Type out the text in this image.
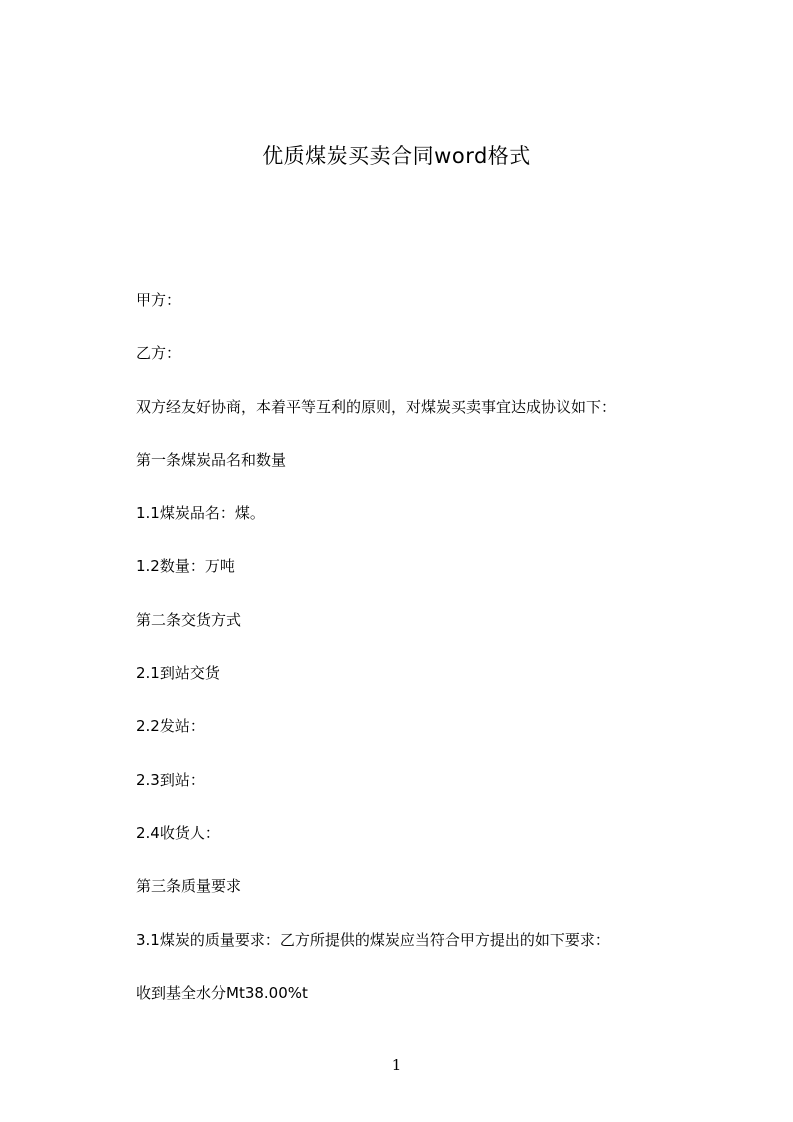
优质煤炭买卖合同word格式
甲方：
乙方：
双方经友好协商，本着平等互利的原则，对煤炭买卖事宜达成协议如下：
第一条煤炭品名和数量
1.1煤炭品名：煤。
1.2数量：万吨
第二条交货方式
2.1到站交货
2.2发站：
2.3到站：
2.4收货人：
第三条质量要求
3.1煤炭的质量要求：乙方所提供的煤炭应当符合甲方提出的如下要求：
收到基全水分Mt38.00%t
1
